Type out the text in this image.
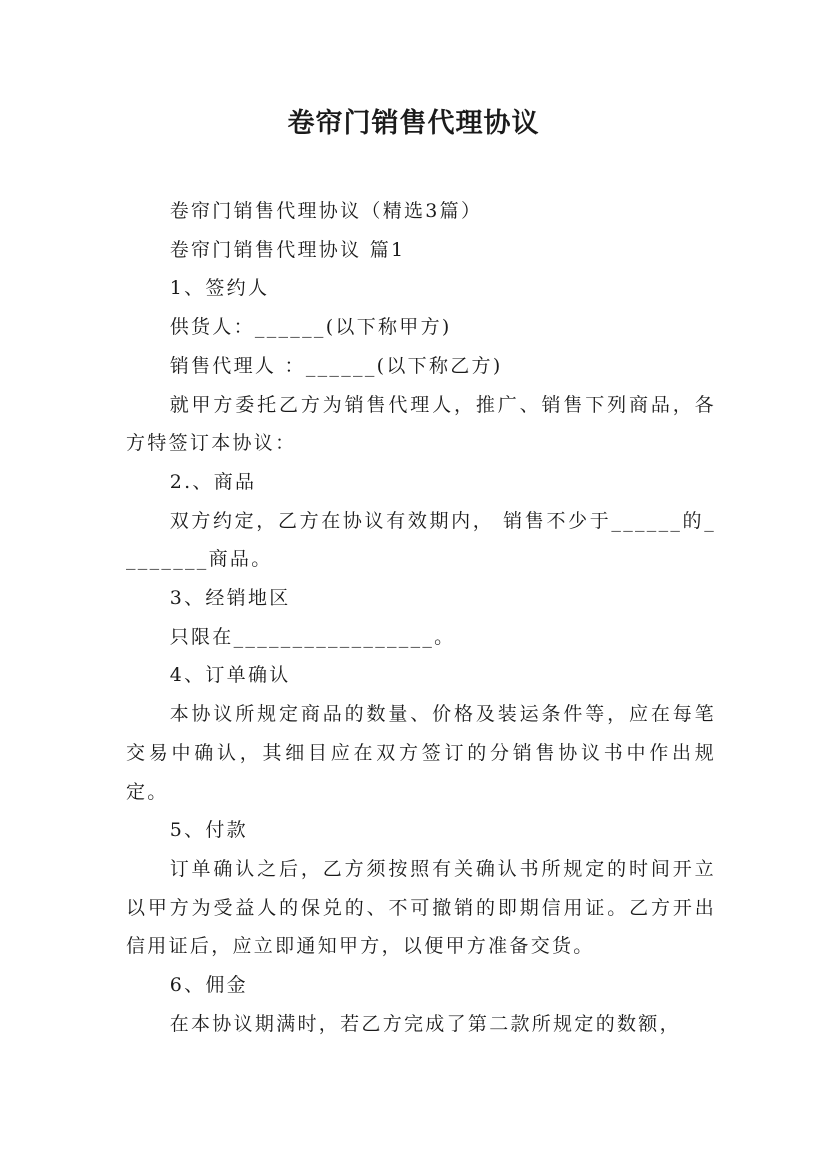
卷帘门销售代理协议

卷帘门销售代理协议（精选3篇）

卷帘门销售代理协议 篇1

1、签约人

供货人：______(以下称甲方)

销售代理人 ：______(以下称乙方)

就甲方委托乙方为销售代理人，推广、销售下列商品，各方特签订本协议：

2.、商品

双方约定，乙方在协议有效期内， 销售不少于______的________商品。

3、经销地区

只限在_________________。

4、订单确认

本协议所规定商品的数量、价格及装运条件等，应在每笔交易中确认，其细目应在双方签订的分销售协议书中作出规定。

5、付款

订单确认之后，乙方须按照有关确认书所规定的时间开立以甲方为受益人的保兑的、不可撤销的即期信用证。乙方开出信用证后，应立即通知甲方，以便甲方准备交货。

6、佣金

在本协议期满时，若乙方完成了第二款所规定的数额，
